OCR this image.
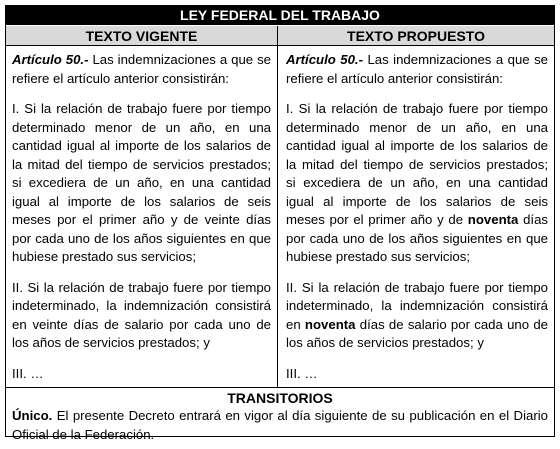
LEY FEDERAL DEL TRABAJO
TEXTO VIGENTE	TEXTO PROPUESTO

Artículo 50.- Las indemnizaciones a que se refiere el artículo anterior consistirán:

I. Si la relación de trabajo fuere por tiempo determinado menor de un año, en una cantidad igual al importe de los salarios de la mitad del tiempo de servicios prestados; si excediera de un año, en una cantidad igual al importe de los salarios de seis meses por el primer año y de veinte días por cada uno de los años siguientes en que hubiese prestado sus servicios;

II. Si la relación de trabajo fuere por tiempo indeterminado, la indemnización consistirá en veinte días de salario por cada uno de los años de servicios prestados; y

III. …

Artículo 50.- Las indemnizaciones a que se refiere el artículo anterior consistirán:

I. Si la relación de trabajo fuere por tiempo determinado menor de un año, en una cantidad igual al importe de los salarios de la mitad del tiempo de servicios prestados; si excediera de un año, en una cantidad igual al importe de los salarios de seis meses por el primer año y de noventa días por cada uno de los años siguientes en que hubiese prestado sus servicios;

II. Si la relación de trabajo fuere por tiempo indeterminado, la indemnización consistirá en noventa días de salario por cada uno de los años de servicios prestados; y

III. …

TRANSITORIOS

Único. El presente Decreto entrará en vigor al día siguiente de su publicación en el Diario Oficial de la Federación.
